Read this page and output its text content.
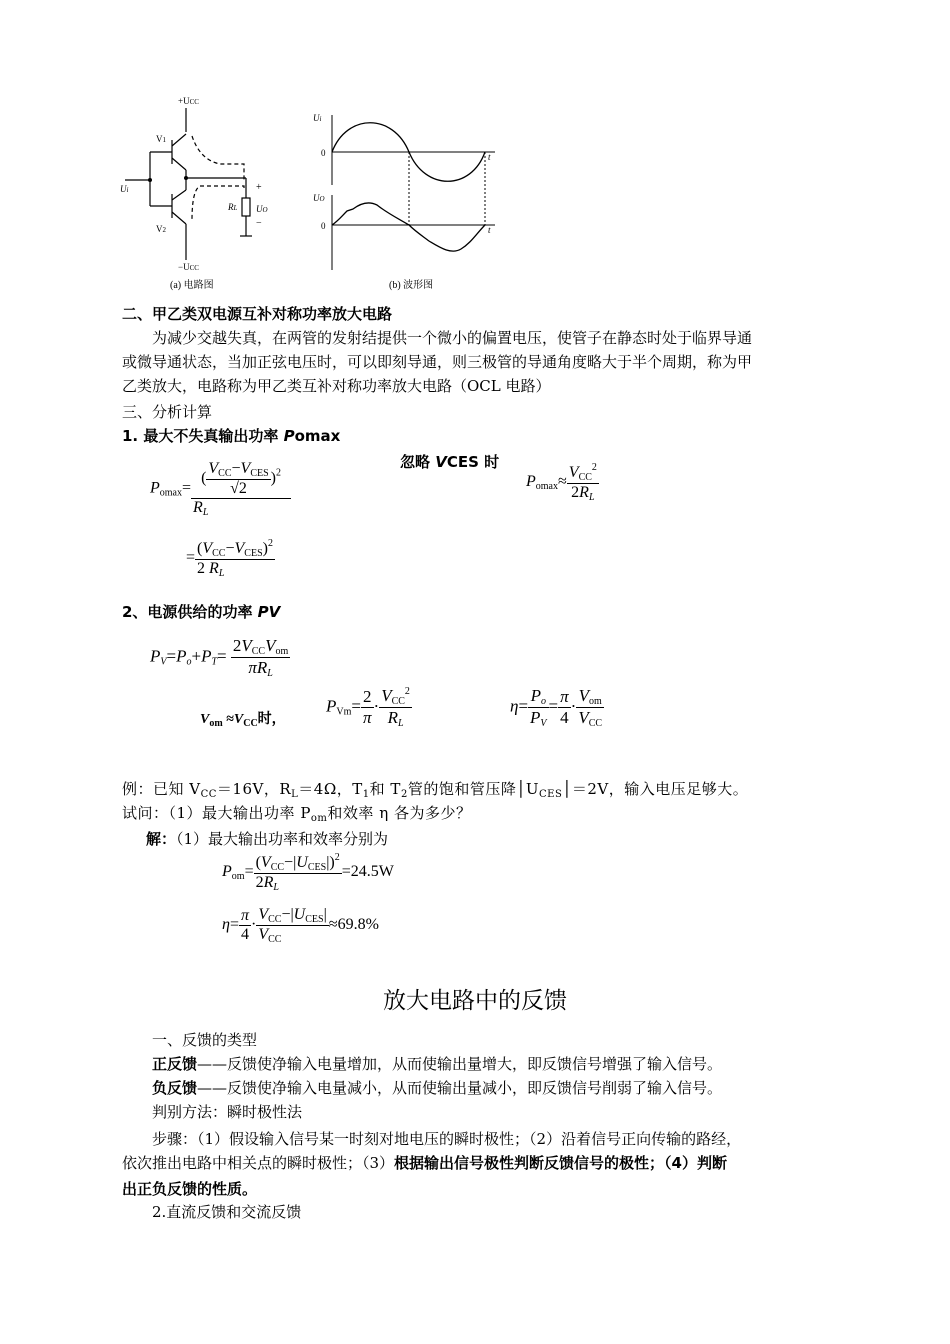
+UCC
V1
V2
Ui
RL UO
+
−
−UCC
(a) 电路图
Ui
0	t
UO
0	t
(b) 波形图
二、甲乙类双电源互补对称功率放大电路
为减少交越失真，在两管的发射结提供一个微小的偏置电压，使管子在静态时处于临界导通
或微导通状态，当加正弦电压时，可以即刻导通，则三极管的导通角度略大于半个周期，称为甲
乙类放大，电路称为甲乙类互补对称功率放大电路（OCL 电路）
三、分析计算
1. 最大不失真输出功率 Pomax
忽略 VCES 时
$P_{omax}= \frac{( \frac{V_{CC}-V_{CES}}{√2} )^2}{R_L}$
= $\frac{(V_{CC}-V_{CES})^2}{2 R_L}$
$P_{omax}\approx \frac{V_{CC}^2}{2R_L}$
2、电源供给的功率 PV
$P_V=P_o+P_T= \frac{2V_{CC}V_{om}}{\pi R_L}$
$V_{om} \approx V_{CC}$时，
$P_{Vm}= \frac{2}{\pi} \cdot \frac{V_{CC}^2}{R_L}$	$\eta= \frac{P_o}{P_V} = \frac{\pi}{4} \cdot \frac{V_{om}}{V_{CC}}$
例：已知 $V_{CC}=16V$，$R_L=4\Omega$，$T_1$和 $T_2$管的饱和管压降$│U_{CES}│=2V$，输入电压足够大。
试问：（1）最大输出功率 $P_{om}$和效率 η 各为多少？
解：（1）最大输出功率和效率分别为
$P_{om}= \frac{(V_{CC}-|U_{CES}|)^2}{2R_L} =24.5W$
$\eta= \frac{\pi}{4} \cdot \frac{V_{CC}-|U_{CES}|}{V_{CC}} \approx 69.8\%$
放大电路中的反馈
一、反馈的类型
正反馈——反馈使净输入电量增加，从而使输出量增大，即反馈信号增强了输入信号。
负反馈——反馈使净输入电量减小，从而使输出量减小，即反馈信号削弱了输入信号。
判别方法：瞬时极性法
步骤：（1）假设输入信号某一时刻对地电压的瞬时极性；（2）沿着信号正向传输的路经，
依次推出电路中相关点的瞬时极性；（3）根据输出信号极性判断反馈信号的极性；（4）判断
出正负反馈的性质。
2.直流反馈和交流反馈
